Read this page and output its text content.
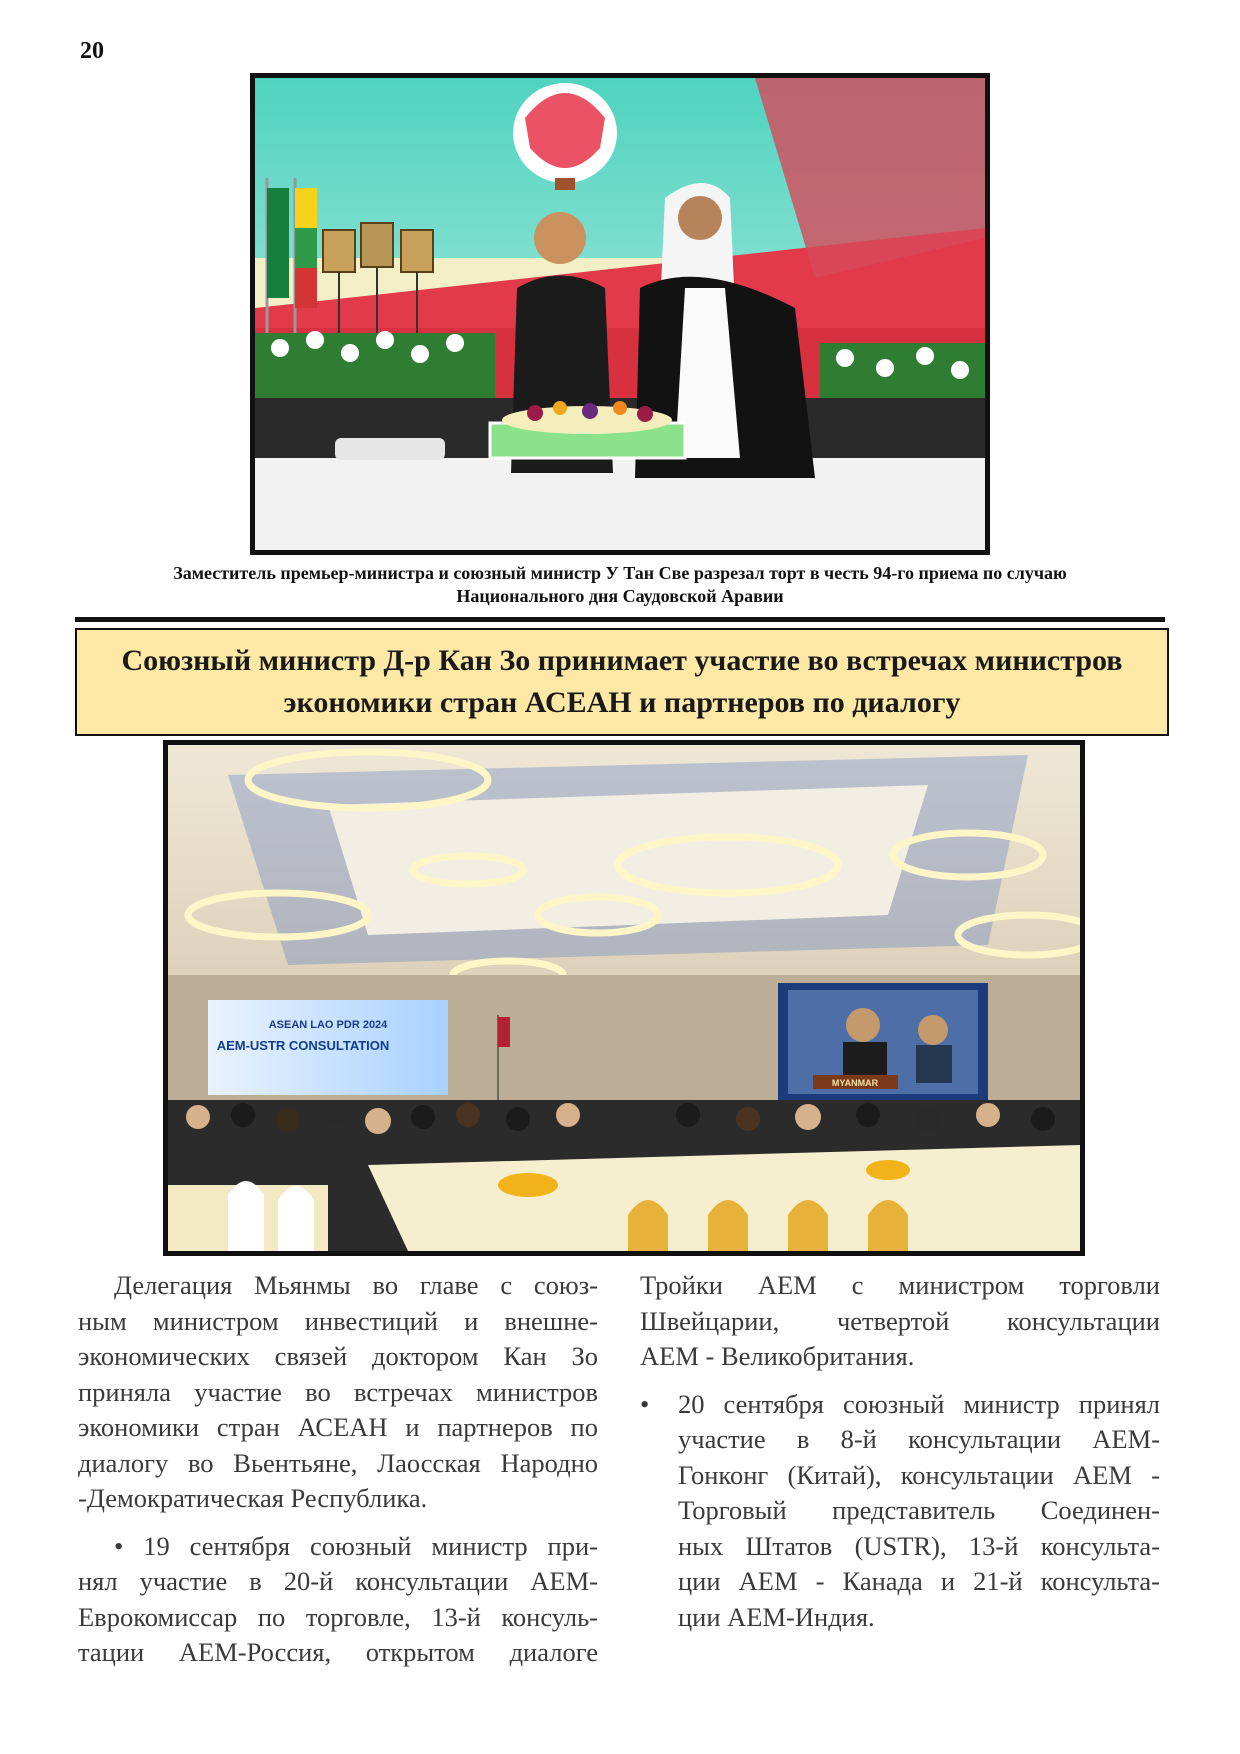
20
Заместитель премьер-министра и союзный министр У Тан Све разрезал торт в честь 94-го приема по случаю
Национального дня Саудовской Аравии
Союзный министр Д-р Кан Зо принимает участие во встречах министров
экономики стран АСЕАН и партнеров по диалогу
ASEAN LAO PDR 2024
AEM-USTR CONSULTATION
MYANMAR

Делегация Мьянмы во главе с союз-

ным министром инвестиций и внешне-

экономических связей доктором Кан Зо

приняла участие во встречах министров

экономики стран АСЕАН и партнеров по

диалогу во Вьентьяне, Лаосская Народно

-Демократическая Республика.

• 19 сентября союзный министр при-

нял участие в 20-й консультации АЕМ-

Еврокомиссар по торговле, 13-й консуль-

тации АЕМ-Россия, открытом диалоге

Тройки АЕМ с министром торговли

Швейцарии, четвертой консультации

АЕМ - Великобритания.

• 20 сентября союзный министр принял

участие в 8-й консультации АЕМ-

Гонконг (Китай), консультации АЕМ -

Торговый представитель Соединен-

ных Штатов (USTR), 13-й консульта-

ции АЕМ - Канада и 21-й консульта-

ции АЕМ-Индия.
